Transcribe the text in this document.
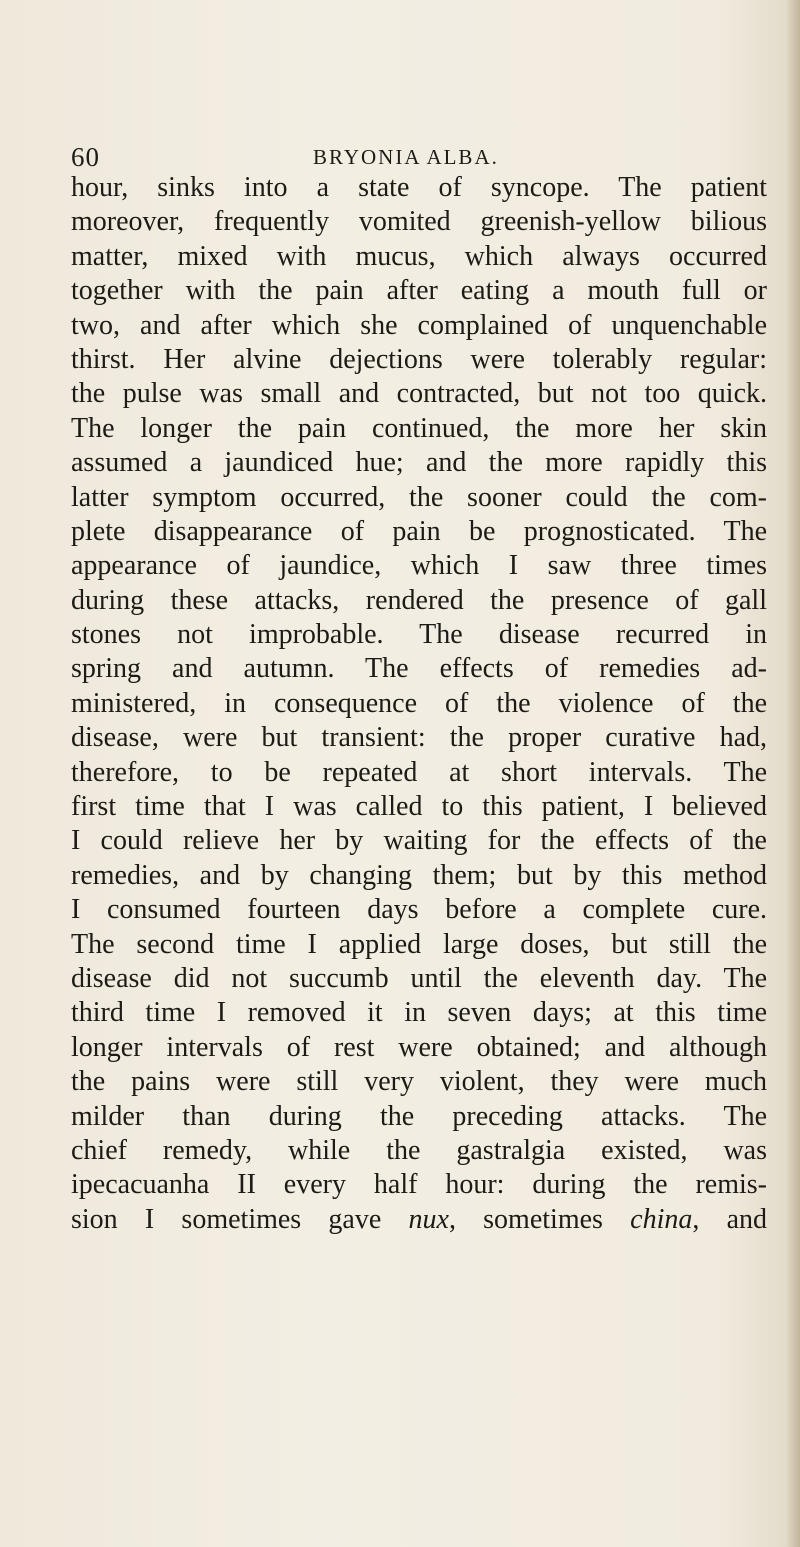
60	BRYONIA ALBA.
hour, sinks into a state of syncope. The patient
moreover, frequently vomited greenish-yellow bilious
matter, mixed with mucus, which always occurred
together with the pain after eating a mouth full or
two, and after which she complained of unquenchable
thirst. Her alvine dejections were tolerably regular:
the pulse was small and contracted, but not too quick.
The longer the pain continued, the more her skin
assumed a jaundiced hue; and the more rapidly this
latter symptom occurred, the sooner could the com-
plete disappearance of pain be prognosticated. The
appearance of jaundice, which I saw three times
during these attacks, rendered the presence of gall
stones not improbable. The disease recurred in
spring and autumn. The effects of remedies ad-
ministered, in consequence of the violence of the
disease, were but transient: the proper curative had,
therefore, to be repeated at short intervals. The
first time that I was called to this patient, I believed
I could relieve her by waiting for the effects of the
remedies, and by changing them; but by this method
I consumed fourteen days before a complete cure.
The second time I applied large doses, but still the
disease did not succumb until the eleventh day. The
third time I removed it in seven days; at this time
longer intervals of rest were obtained; and although
the pains were still very violent, they were much
milder than during the preceding attacks. The
chief remedy, while the gastralgia existed, was
ipecacuanha II every half hour: during the remis-
sion I sometimes gave nux, sometimes china, and
